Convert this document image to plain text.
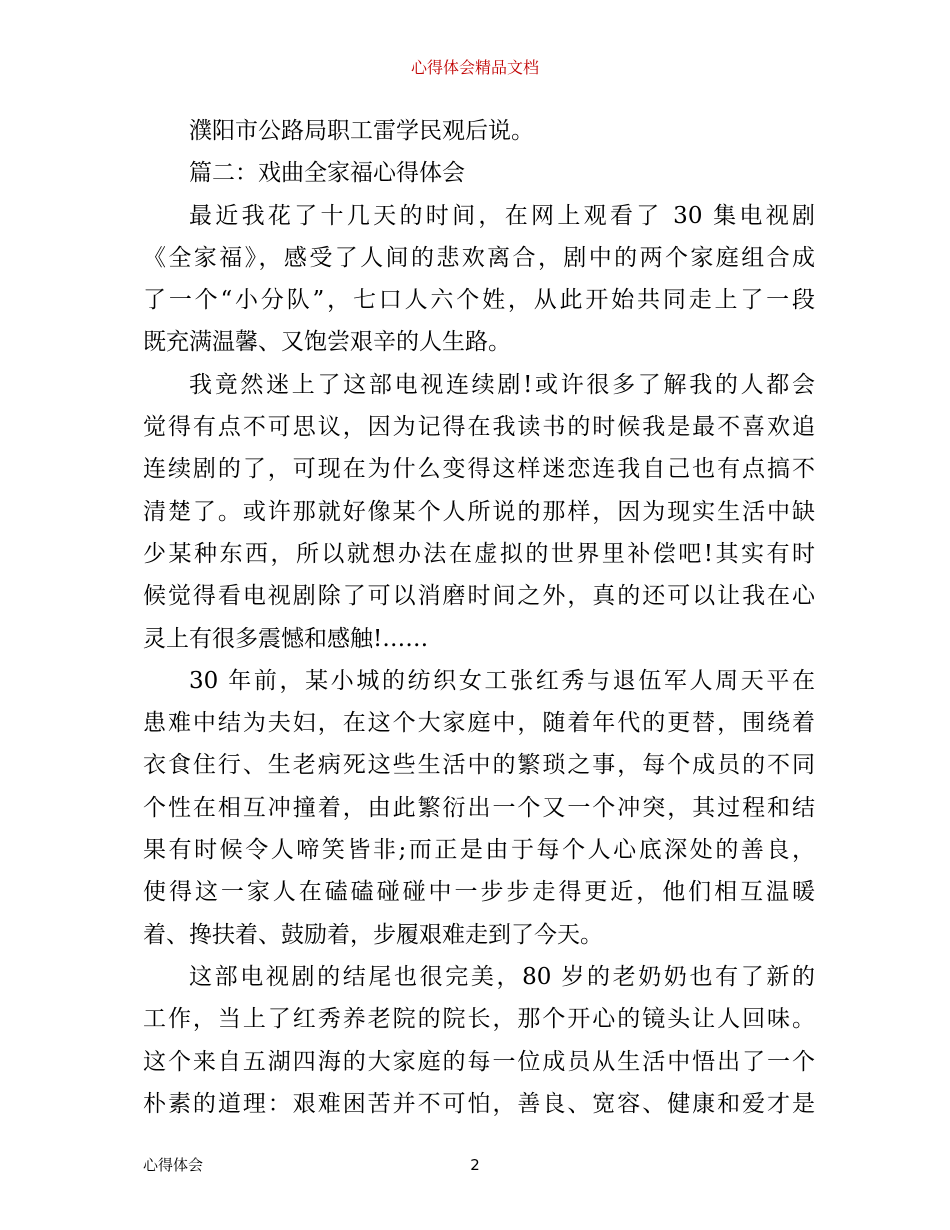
心得体会精品文档
濮阳市公路局职工雷学民观后说。
篇二：戏曲全家福心得体会
最近我花了十几天的时间，在网上观看了 30 集电视剧
《全家福》，感受了人间的悲欢离合，剧中的两个家庭组合成
了一个“小分队”，七口人六个姓，从此开始共同走上了一段
既充满温馨、又饱尝艰辛的人生路。
我竟然迷上了这部电视连续剧!或许很多了解我的人都会
觉得有点不可思议，因为记得在我读书的时候我是最不喜欢追
连续剧的了，可现在为什么变得这样迷恋连我自己也有点搞不
清楚了。或许那就好像某个人所说的那样，因为现实生活中缺
少某种东西，所以就想办法在虚拟的世界里补偿吧!其实有时
候觉得看电视剧除了可以消磨时间之外，真的还可以让我在心
灵上有很多震憾和感触!……
30 年前，某小城的纺织女工张红秀与退伍军人周天平在
患难中结为夫妇，在这个大家庭中，随着年代的更替，围绕着
衣食住行、生老病死这些生活中的繁琐之事，每个成员的不同
个性在相互冲撞着，由此繁衍出一个又一个冲突，其过程和结
果有时候令人啼笑皆非;而正是由于每个人心底深处的善良，
使得这一家人在磕磕碰碰中一步步走得更近，他们相互温暖
着、搀扶着、鼓励着，步履艰难走到了今天。
这部电视剧的结尾也很完美，80 岁的老奶奶也有了新的
工作，当上了红秀养老院的院长，那个开心的镜头让人回味。
这个来自五湖四海的大家庭的每一位成员从生活中悟出了一个
朴素的道理：艰难困苦并不可怕，善良、宽容、健康和爱才是
心得体会	2
